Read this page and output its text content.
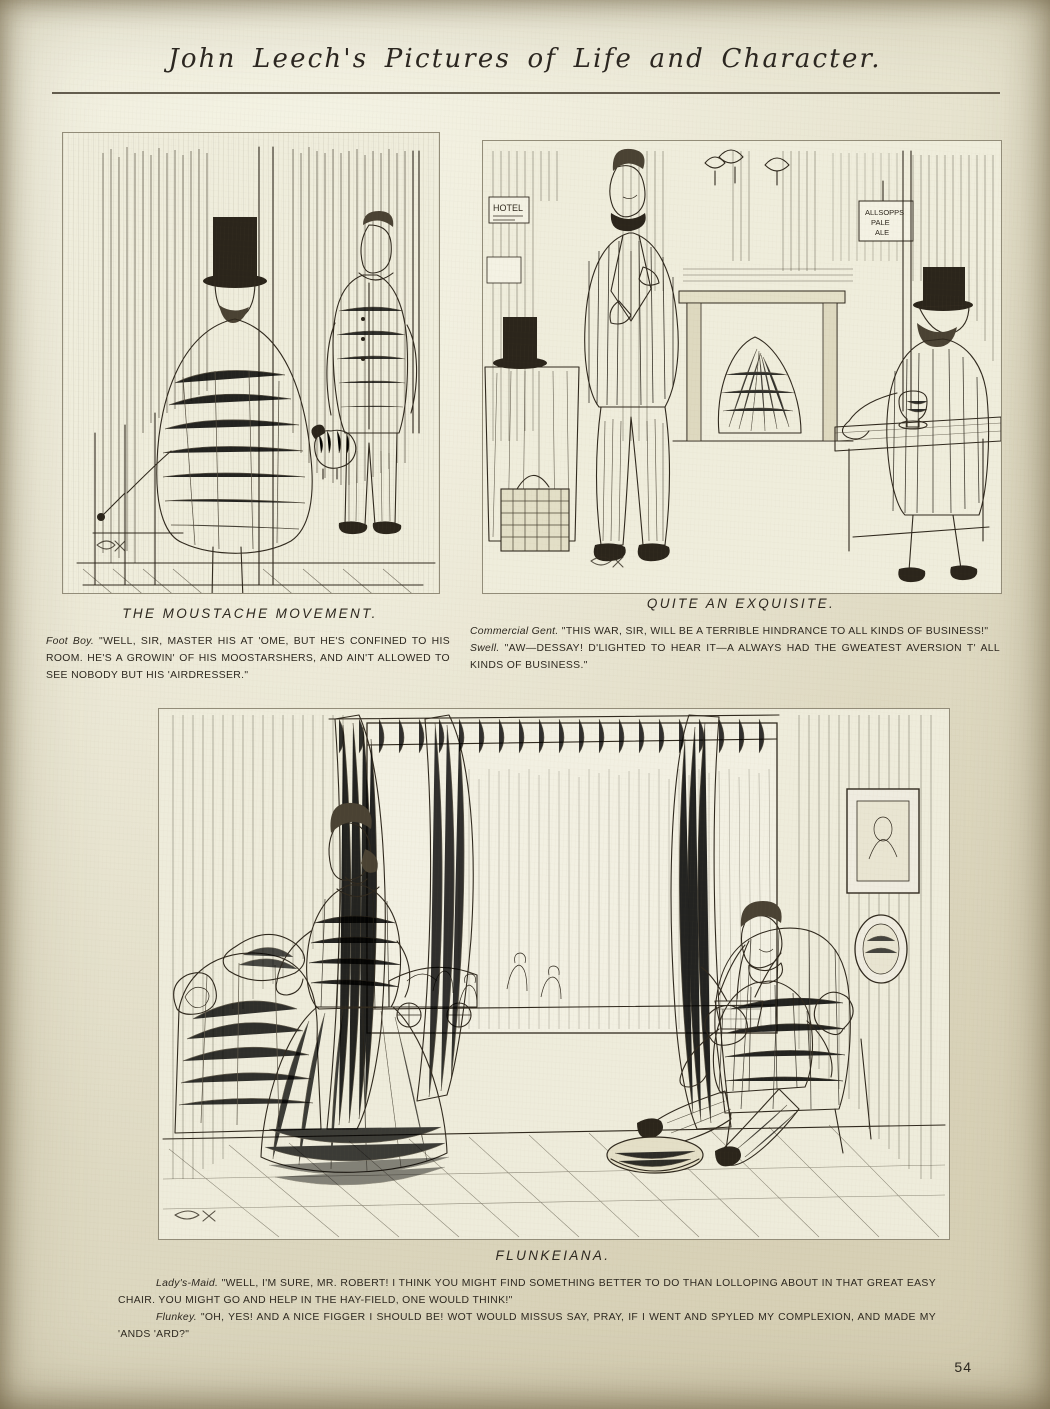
John Leech's Pictures of Life and Character.
THE MOUSTACHE MOVEMENT.
Foot Boy. "WELL, SIR, MASTER HIS AT 'OME, BUT HE'S CONFINED TO HIS ROOM. HE'S A GROWIN' OF HIS MOOSTARSHERS, AND AIN'T ALLOWED TO SEE NOBODY BUT HIS 'AIRDRESSER."
HOTEL	ALLSOPPS
PALE
ALE
QUITE AN EXQUISITE.
Commercial Gent. "THIS WAR, SIR, WILL BE A TERRIBLE HINDRANCE TO ALL KINDS OF BUSINESS!"
Swell. "AW—DESSAY! D'LIGHTED TO HEAR IT—A ALWAYS HAD THE GWEATEST AVERSION T' ALL KINDS OF BUSINESS."
FLUNKEIANA.
Lady's-Maid. "WELL, I'M SURE, MR. ROBERT! I THINK YOU MIGHT FIND SOMETHING BETTER TO DO THAN LOLLOPING ABOUT IN THAT GREAT EASY CHAIR. YOU MIGHT GO AND HELP IN THE HAY-FIELD, ONE WOULD THINK!"
Flunkey. "OH, YES! AND A NICE FIGGER I SHOULD BE! WOT WOULD MISSUS SAY, PRAY, IF I WENT AND SPYLED MY COMPLEXION, AND MADE MY 'ANDS 'ARD?"
54
